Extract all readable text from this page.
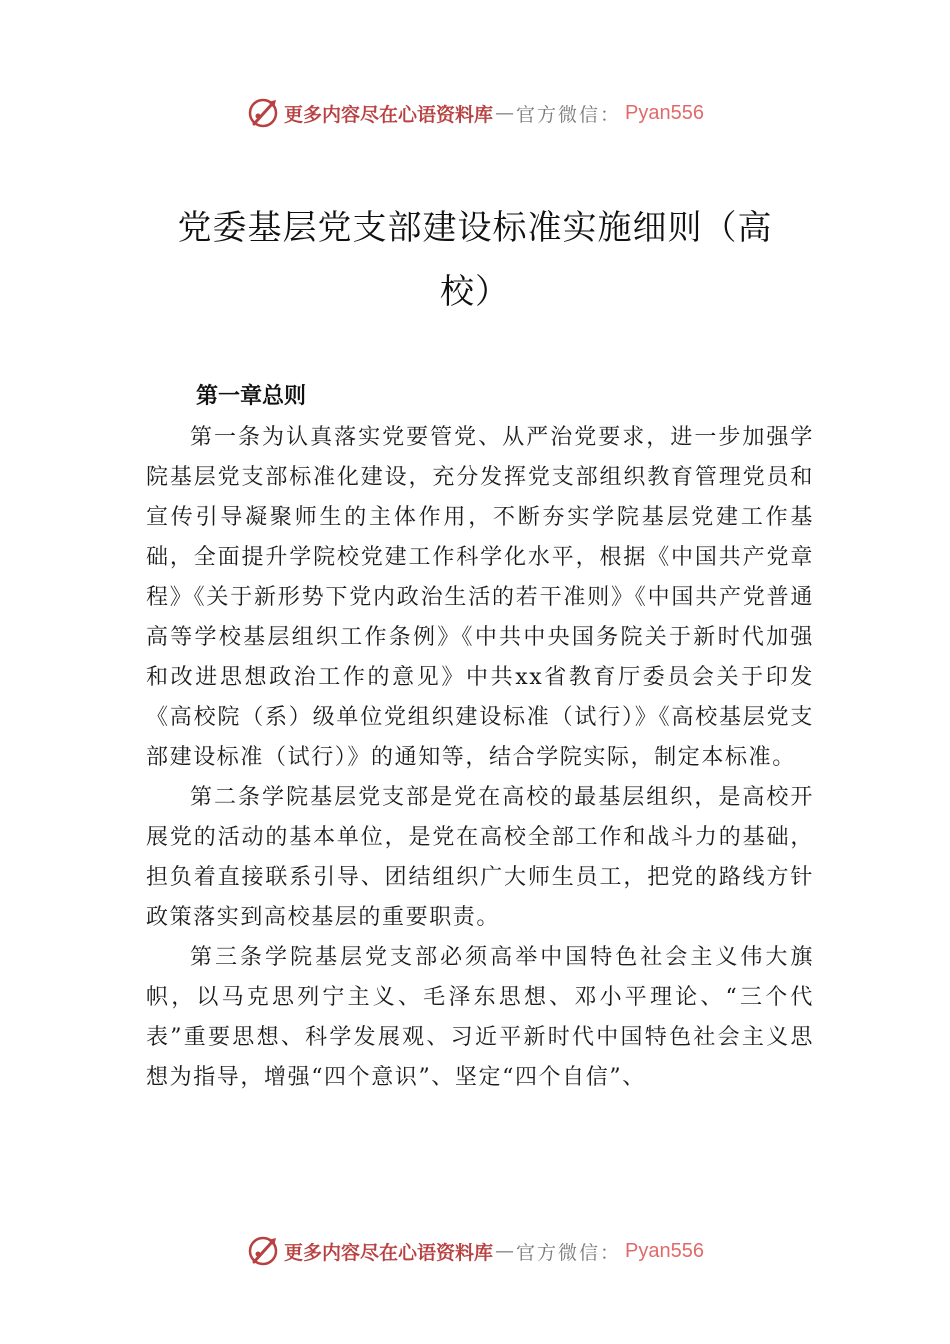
更多内容尽在心语资料库 — 官方微信： Pyan556
党委基层党支部建设标准实施细则（高校）
第一章总则

第一条为认真落实党要管党、从严治党要求，进一步加强学院基层党支部标准化建设，充分发挥党支部组织教育管理党员和宣传引导凝聚师生的主体作用，不断夯实学院基层党建工作基础，全面提升学院校党建工作科学化水平，根据《中国共产党章程》《关于新形势下党内政治生活的若干准则》《中国共产党普通高等学校基层组织工作条例》《中共中央国务院关于新时代加强和改进思想政治工作的意见》中共xx省教育厅委员会关于印发《高校院（系）级单位党组织建设标准（试行）》《高校基层党支部建设标准（试行）》的通知等，结合学院实际，制定本标准。

第二条学院基层党支部是党在高校的最基层组织，是高校开展党的活动的基本单位，是党在高校全部工作和战斗力的基础，担负着直接联系引导、团结组织广大师生员工，把党的路线方针政策落实到高校基层的重要职责。

第三条学院基层党支部必须高举中国特色社会主义伟大旗帜，以马克思列宁主义、毛泽东思想、邓小平理论、“三个代表”重要思想、科学发展观、习近平新时代中国特色社会主义思想为指导，增强“四个意识”、坚定“四个自信”、

更多内容尽在心语资料库 — 官方微信： Pyan556
